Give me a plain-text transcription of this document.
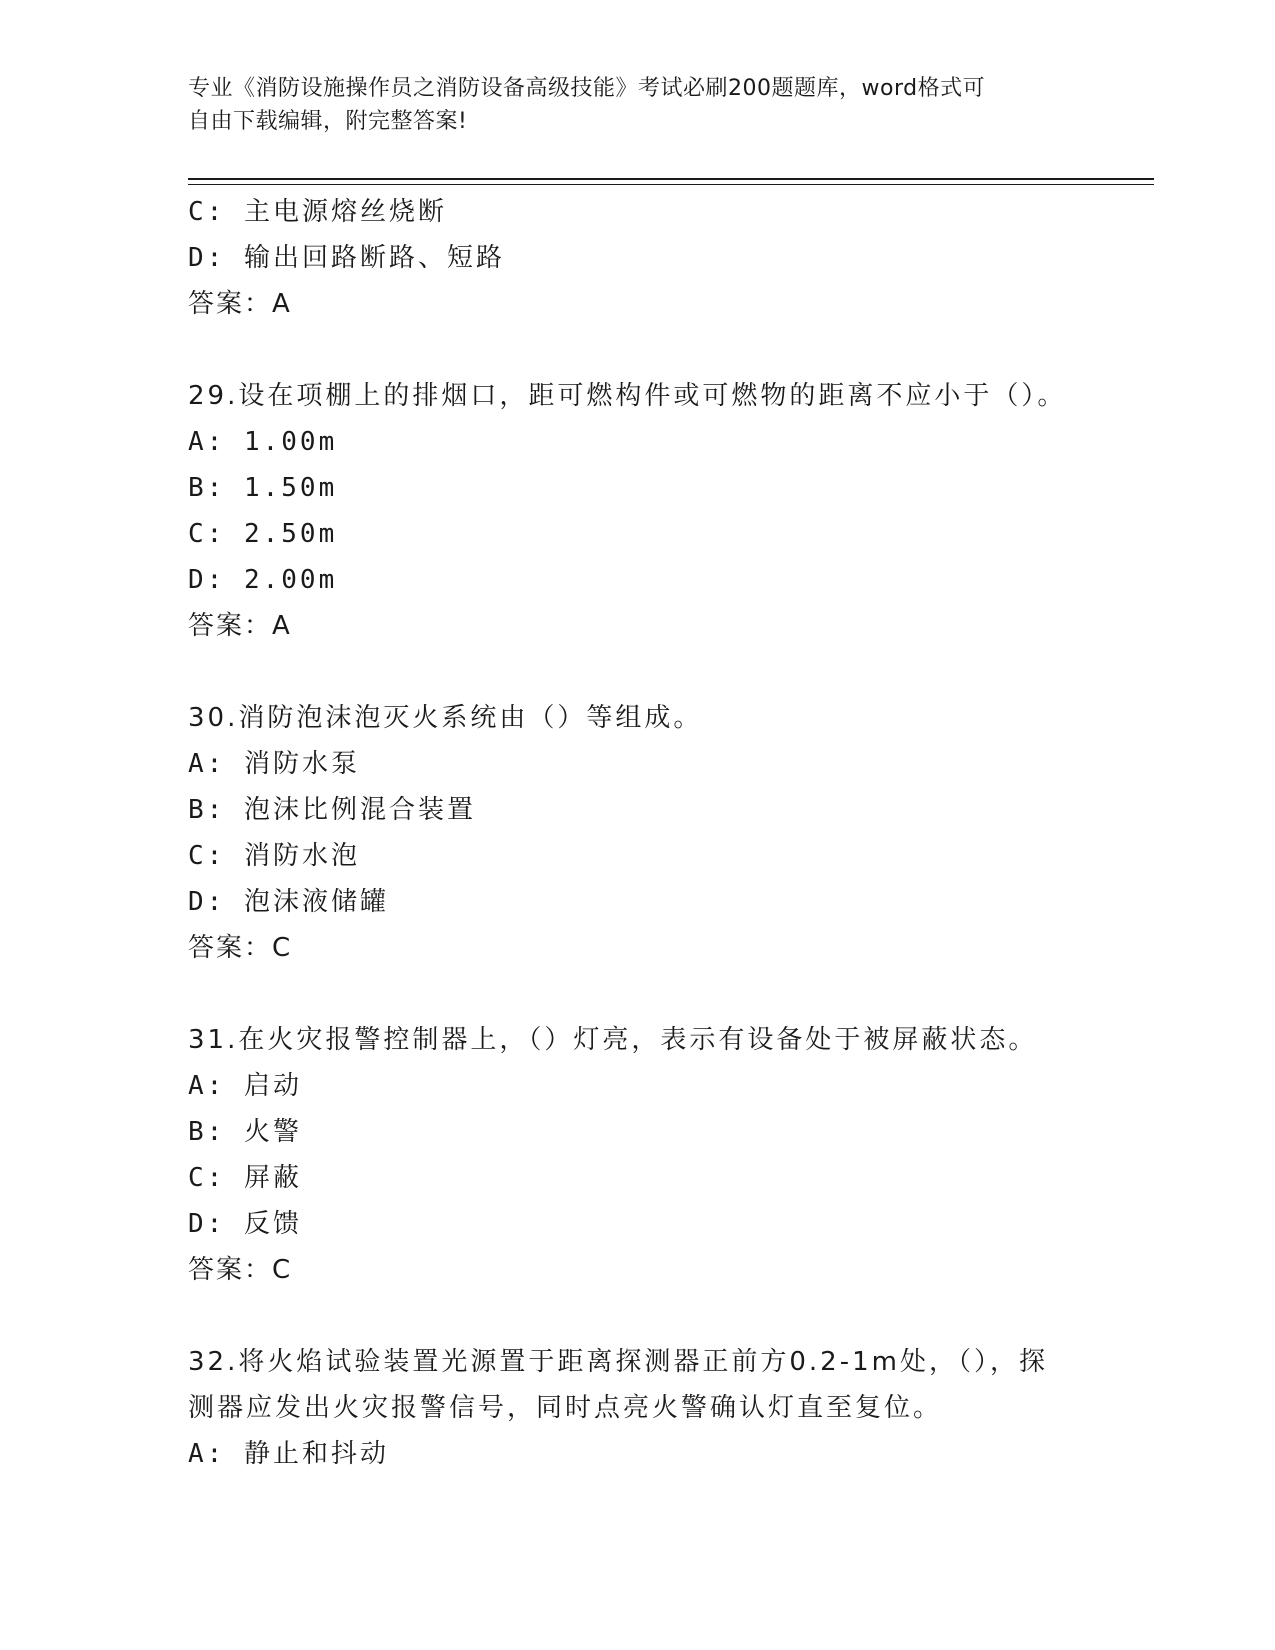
专业《消防设施操作员之消防设备高级技能》考试必刷200题题库，word格式可
自由下载编辑，附完整答案!
C: 主电源熔丝烧断
D: 输出回路断路、短路
答案：A
29.设在项棚上的排烟口，距可燃构件或可燃物的距离不应小于（）。
A: 1.00m
B: 1.50m
C: 2.50m
D: 2.00m
答案：A
30.消防泡沫泡灭火系统由（）等组成。
A: 消防水泵
B: 泡沫比例混合装置
C: 消防水泡
D: 泡沫液储罐
答案：C
31.在火灾报警控制器上，（）灯亮，表示有设备处于被屏蔽状态。
A: 启动
B: 火警
C: 屏蔽
D: 反馈
答案：C
32.将火焰试验装置光源置于距离探测器正前方0.2-1m处，（），探
测器应发出火灾报警信号，同时点亮火警确认灯直至复位。
A: 静止和抖动
